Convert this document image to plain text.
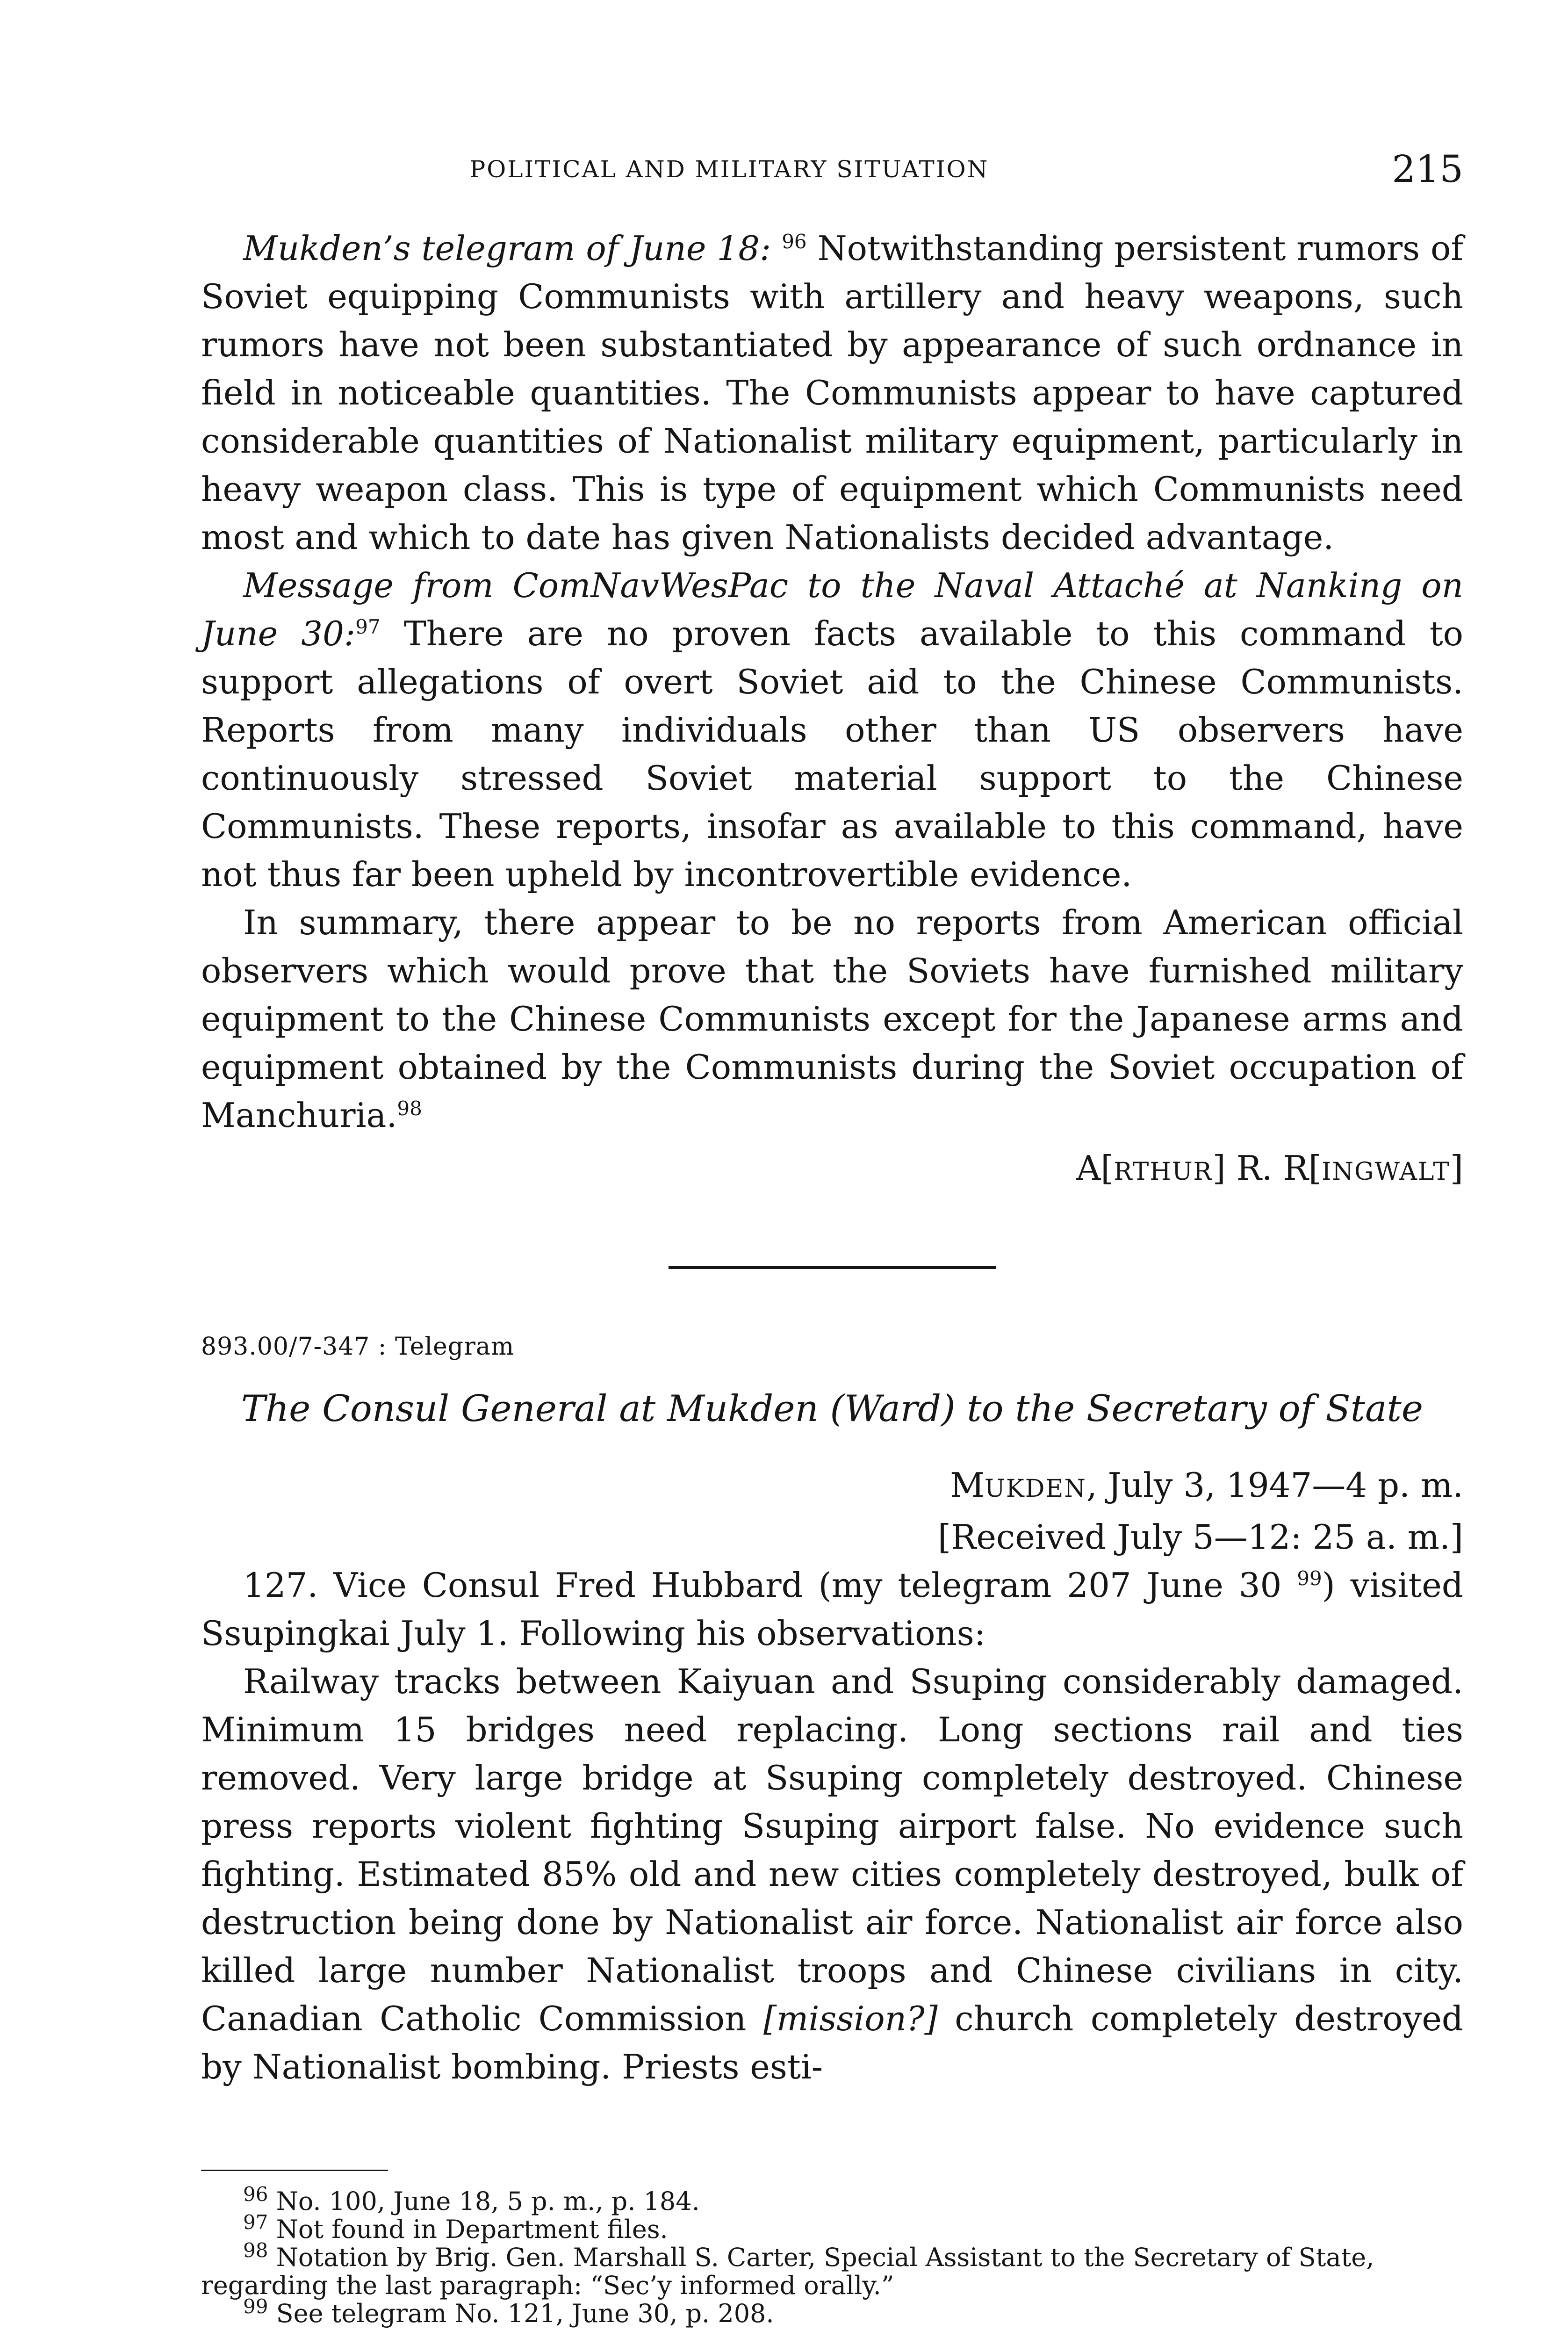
POLITICAL AND MILITARY SITUATION	215

Mukden’s telegram of June 18: $^{96}$ Notwithstanding persistent rumors of Soviet equipping Communists with artillery and heavy weapons, such rumors have not been substantiated by appearance of such ordnance in field in noticeable quantities. The Communists appear to have captured considerable quantities of Nationalist military equipment, particularly in heavy weapon class. This is type of equipment which Communists need most and which to date has given Nationalists decided advantage.

Message from ComNavWesPac to the Naval Attaché at Nanking on June 30:$^{97}$ There are no proven facts available to this command to support allegations of overt Soviet aid to the Chinese Communists. Reports from many individuals other than US observers have continuously stressed Soviet material support to the Chinese Communists. These reports, insofar as available to this command, have not thus far been upheld by incontrovertible evidence.

In summary, there appear to be no reports from American official observers which would prove that the Soviets have furnished military equipment to the Chinese Communists except for the Japanese arms and equipment obtained by the Communists during the Soviet occupation of Manchuria.$^{98}$

A[RTHUR] R. R[INGWALT]
893.00/7-347 : Telegram
The Consul General at Mukden (Ward) to the Secretary of State
MUKDEN, July 3, 1947—4 p. m.
[Received July 5—12: 25 a. m.]

127. Vice Consul Fred Hubbard (my telegram 207 June 30 $^{99}$) visited Ssupingkai July 1. Following his observations:

Railway tracks between Kaiyuan and Ssuping considerably damaged. Minimum 15 bridges need replacing. Long sections rail and ties removed. Very large bridge at Ssuping completely destroyed. Chinese press reports violent fighting Ssuping airport false. No evidence such fighting. Estimated 85% old and new cities completely destroyed, bulk of destruction being done by Nationalist air force. Nationalist air force also killed large number Nationalist troops and Chinese civilians in city. Canadian Catholic Commission [mission?] church completely destroyed by Nationalist bombing. Priests esti-

$^{96}$ No. 100, June 18, 5 p. m., p. 184.
$^{97}$ Not found in Department files.
$^{98}$ Notation by Brig. Gen. Marshall S. Carter, Special Assistant to the Secretary of State, regarding the last paragraph: “Sec’y informed orally.”
$^{99}$ See telegram No. 121, June 30, p. 208.
